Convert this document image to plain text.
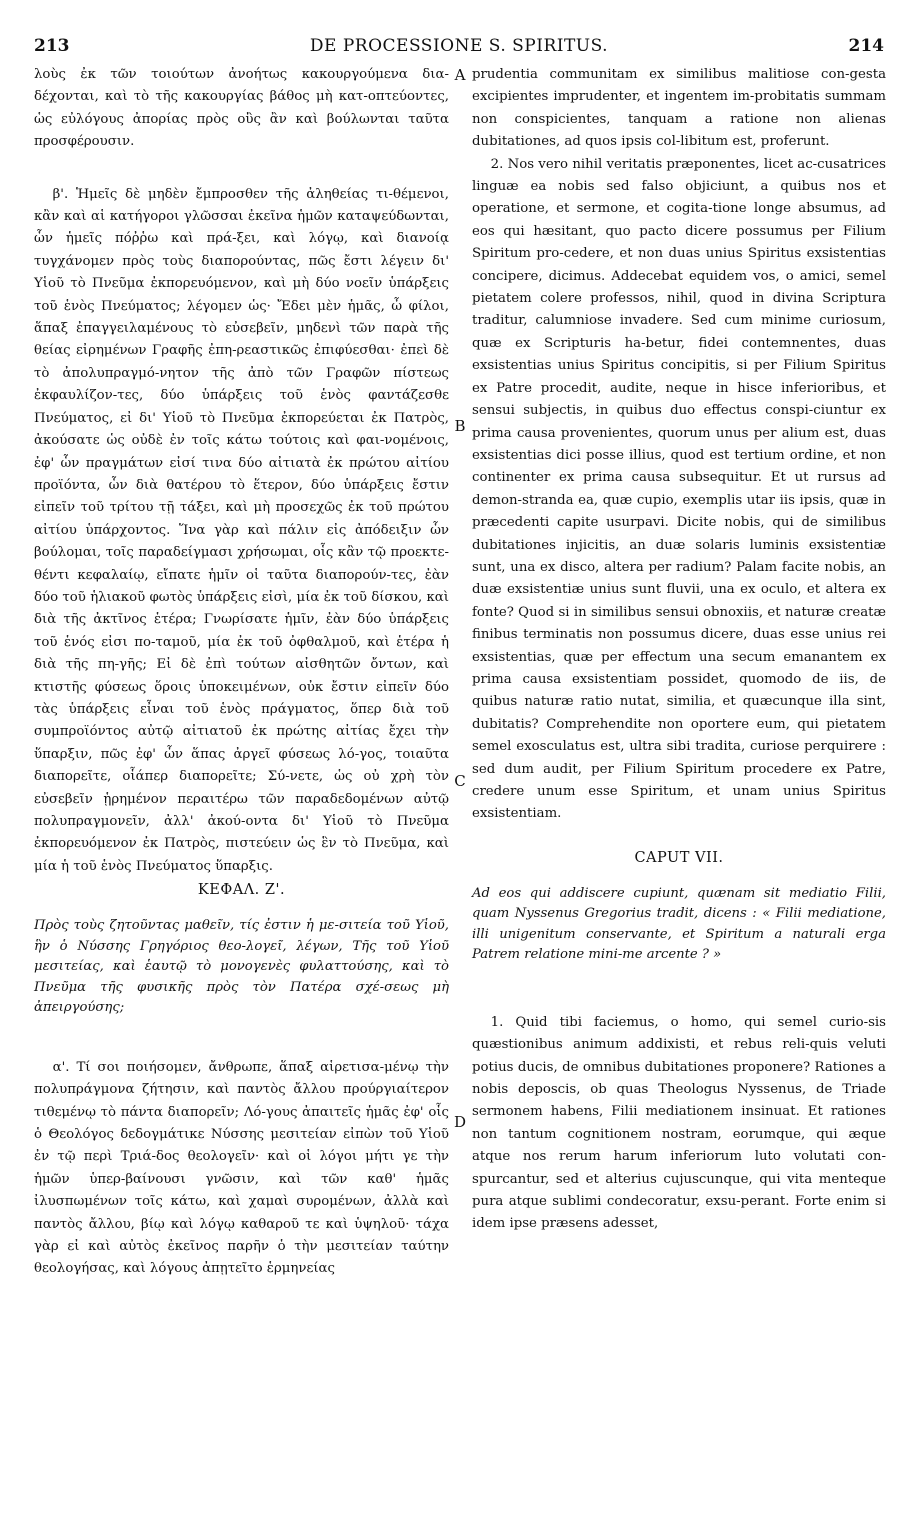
213	DE PROCESSIONE S. SPIRITUS.	214
A
B
C
D

λοὺς ἐκ τῶν τοιούτων ἀνοήτως κακουργούμενα δια-δέχονται, καὶ τὸ τῆς κακουργίας βάθος μὴ κατ-οπτεύοντες, ὡς εὐλόγους ἀπορίας πρὸς οὓς ἂν καὶ βούλωνται ταῦτα προσφέρουσιν.

β'. Ἡμεῖς δὲ μηδὲν ἔμπροσθεν τῆς ἀληθείας τι-θέμενοι, κἂν καὶ αἱ κατήγοροι γλῶσσαι ἐκεῖνα ἡμῶν καταψεύδωνται, ὧν ἡμεῖς πόῤῥω καὶ πρά-ξει, καὶ λόγῳ, καὶ διανοίᾳ τυγχάνομεν πρὸς τοὺς διαπορούντας, πῶς ἔστι λέγειν δι' Υἱοῦ τὸ Πνεῦμα ἐκπορευόμενον, καὶ μὴ δύο νοεῖν ὑπάρξεις τοῦ ἑνὸς Πνεύματος; λέγομεν ὡς· Ἔδει μὲν ἡμᾶς, ὦ φίλοι, ἅπαξ ἐπαγγειλαμένους τὸ εὐσεβεῖν, μηδενὶ τῶν παρὰ τῆς θείας εἰρημένων Γραφῆς ἐπη-ρεαστικῶς ἐπιφύεσθαι· ἐπεὶ δὲ τὸ ἀπολυπραγμό-νητον τῆς ἀπὸ τῶν Γραφῶν πίστεως ἐκφαυλίζον-τες, δύο ὑπάρξεις τοῦ ἑνὸς φαντάζεσθε Πνεύματος, εἰ δι' Υἱοῦ τὸ Πνεῦμα ἐκπορεύεται ἐκ Πατρὸς, ἀκούσατε ὡς οὐδὲ ἐν τοῖς κάτω τούτοις καὶ φαι-νομένοις, ἐφ' ὧν πραγμάτων εἰσί τινα δύο αἰτιατὰ ἐκ πρώτου αἰτίου προϊόντα, ὧν διὰ θατέρου τὸ ἕτερον, δύο ὑπάρξεις ἔστιν εἰπεῖν τοῦ τρίτου τῇ τάξει, καὶ μὴ προσεχῶς ἐκ τοῦ πρώτου αἰτίου ὑπάρχοντος. Ἵνα γὰρ καὶ πάλιν εἰς ἀπόδειξιν ὧν βούλομαι, τοῖς παραδείγμασι χρήσωμαι, οἷς κἂν τῷ προεκτε-θέντι κεφαλαίῳ, εἴπατε ἡμῖν οἱ ταῦτα διαπορούν-τες, ἐὰν δύο τοῦ ἡλιακοῦ φωτὸς ὑπάρξεις εἰσὶ, μία ἐκ τοῦ δίσκου, καὶ διὰ τῆς ἀκτῖνος ἑτέρα; Γνωρίσατε ἡμῖν, ἐὰν δύο ὑπάρξεις τοῦ ἑνός εἰσι πο-ταμοῦ, μία ἐκ τοῦ ὀφθαλμοῦ, καὶ ἑτέρα ἡ διὰ τῆς πη-γῆς; Εἰ δὲ ἐπὶ τούτων αἰσθητῶν ὄντων, καὶ κτιστῆς φύσεως ὅροις ὑποκειμένων, οὐκ ἔστιν εἰπεῖν δύο τὰς ὑπάρξεις εἶναι τοῦ ἑνὸς πράγματος, ὅπερ διὰ τοῦ συμπροϊόντος αὐτῷ αἰτιατοῦ ἐκ πρώτης αἰτίας ἔχει τὴν ὕπαρξιν, πῶς ἐφ' ὧν ἅπας ἀργεῖ φύσεως λό-γος, τοιαῦτα διαπορεῖτε, οἷάπερ διαπορεῖτε; Σύ-νετε, ὡς οὐ χρὴ τὸν εὐσεβεῖν ᾑρημένον περαιτέρω τῶν παραδεδομένων αὐτῷ πολυπραγμονεῖν, ἀλλ' ἀκού-οντα δι' Υἱοῦ τὸ Πνεῦμα ἐκπορευόμενον ἐκ Πατρὸς, πιστεύειν ὡς ἓν τὸ Πνεῦμα, καὶ μία ἡ τοῦ ἑνὸς Πνεύματος ὕπαρξις.

ΚΕΦΑΛ. Ζ'.

Πρὸς τοὺς ζητοῦντας μαθεῖν, τίς ἐστιν ἡ με-σιτεία τοῦ Υἱοῦ, ἣν ὁ Νύσσης Γρηγόριος θεο-λογεῖ, λέγων, Τῆς τοῦ Υἱοῦ μεσιτείας, καὶ ἑαυτῷ τὸ μονογενὲς φυλαττούσης, καὶ τὸ Πνεῦμα τῆς φυσικῆς πρὸς τὸν Πατέρα σχέ-σεως μὴ ἀπειργούσης;

α'. Τί σοι ποιήσομεν, ἄνθρωπε, ἅπαξ αἱρετισα-μένῳ τὴν πολυπράγμονα ζήτησιν, καὶ παντὸς ἄλλου προύργιαίτερον τιθεμένῳ τὸ πάντα διαπορεῖν; Λό-γους ἀπαιτεῖς ἡμᾶς ἐφ' οἷς ὁ Θεολόγος δεδογμάτικε Νύσσης μεσιτείαν εἰπὼν τοῦ Υἱοῦ ἐν τῷ περὶ Τριά-δος θεολογεῖν· καὶ οἱ λόγοι μήτι γε τὴν ἡμῶν ὑπερ-βαίνουσι γνῶσιν, καὶ τῶν καθ' ἡμᾶς ἰλυσπωμένων τοῖς κάτω, καὶ χαμαὶ συρομένων, ἀλλὰ καὶ παντὸς ἄλλου, βίῳ καὶ λόγῳ καθαροῦ τε καὶ ὑψηλοῦ· τάχα γὰρ εἰ καὶ αὐτὸς ἐκεῖνος παρῆν ὁ τὴν μεσιτείαν ταύτην θεολογήσας, καὶ λόγους ἀπῃτεῖτο ἑρμηνείας

prudentia communitam ex similibus malitiose con-gesta excipientes imprudenter, et ingentem im-probitatis summam non conspicientes, tanquam a ratione non alienas dubitationes, ad quos ipsis col-libitum est, proferunt.

2. Nos vero nihil veritatis præponentes, licet ac-cusatrices linguæ ea nobis sed falso objiciunt, a quibus nos et operatione, et sermone, et cogita-tione longe absumus, ad eos qui hæsitant, quo pacto dicere possumus per Filium Spiritum pro-cedere, et non duas unius Spiritus exsistentias concipere, dicimus. Addecebat equidem vos, o amici, semel pietatem colere professos, nihil, quod in divina Scriptura traditur, calumniose invadere. Sed cum minime curiosum, quæ ex Scripturis ha-betur, fidei contemnentes, duas exsistentias unius Spiritus concipitis, si per Filium Spiritus ex Patre procedit, audite, neque in hisce inferioribus, et sensui subjectis, in quibus duo effectus conspi-ciuntur ex prima causa provenientes, quorum unus per alium est, duas exsistentias dici posse illius, quod est tertium ordine, et non continenter ex prima causa subsequitur. Et ut rursus ad demon-stranda ea, quæ cupio, exemplis utar iis ipsis, quæ in præcedenti capite usurpavi. Dicite nobis, qui de similibus dubitationes injicitis, an duæ solaris luminis exsistentiæ sunt, una ex disco, altera per radium? Palam facite nobis, an duæ exsistentiæ unius sunt fluvii, una ex oculo, et altera ex fonte? Quod si in similibus sensui obnoxiis, et naturæ creatæ finibus terminatis non possumus dicere, duas esse unius rei exsistentias, quæ per effectum una secum emanantem ex prima causa exsistentiam possidet, quomodo de iis, de quibus naturæ ratio nutat, similia, et quæcunque illa sint, dubitatis? Comprehendite non oportere eum, qui pietatem semel exosculatus est, ultra sibi tradita, curiose perquirere : sed dum audit, per Filium Spiritum procedere ex Patre, credere unum esse Spiritum, et unam unius Spiritus exsistentiam.

CAPUT VII.

Ad eos qui addiscere cupiunt, quænam sit mediatio Filii, quam Nyssenus Gregorius tradit, dicens : « Filii mediatione, illi unigenitum conservante, et Spiritum a naturali erga Patrem relatione mini-me arcente ? »

1. Quid tibi faciemus, o homo, qui semel curio-sis quæstionibus animum addixisti, et rebus reli-quis veluti potius ducis, de omnibus dubitationes proponere? Rationes a nobis deposcis, ob quas Theologus Nyssenus, de Triade sermonem habens, Filii mediationem insinuat. Et rationes non tantum cognitionem nostram, eorumque, qui æque atque nos rerum harum inferiorum luto volutati con-spurcantur, sed et alterius cujuscunque, qui vita menteque pura atque sublimi condecoratur, exsu-perant. Forte enim si idem ipse præsens adesset,
